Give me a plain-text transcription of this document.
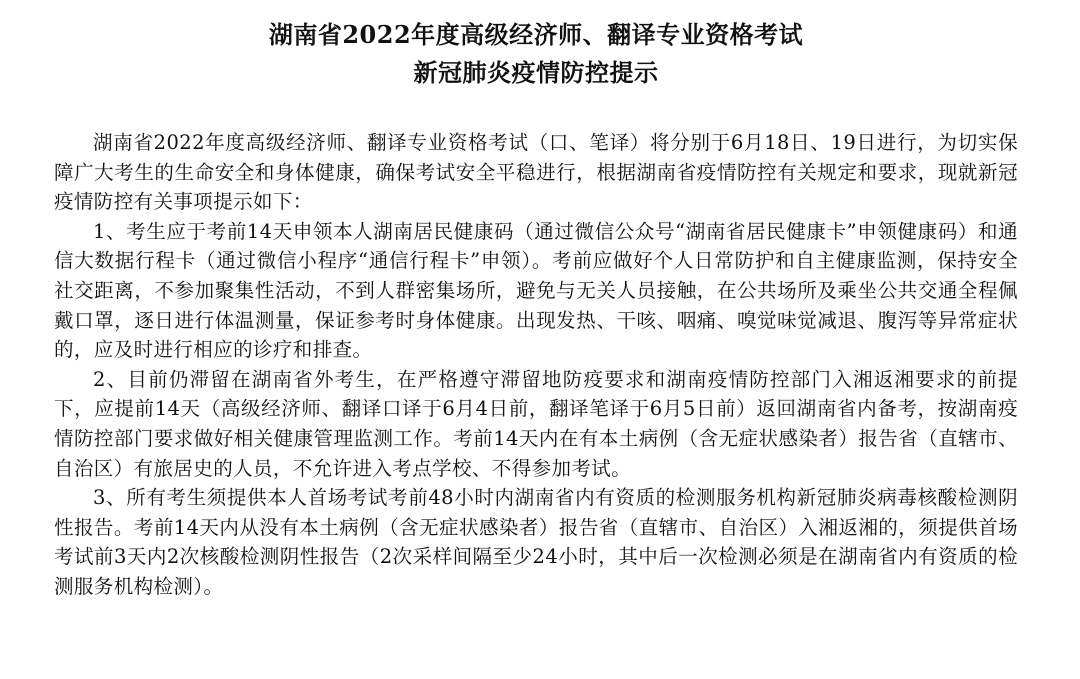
湖南省2022年度高级经济师、翻译专业资格考试
新冠肺炎疫情防控提示

湖南省2022年度高级经济师、翻译专业资格考试（口、笔译）将分别于6月18日、19日进行，为切实保障广大考生的生命安全和身体健康，确保考试安全平稳进行，根据湖南省疫情防控有关规定和要求，现就新冠疫情防控有关事项提示如下：

1、考生应于考前14天申领本人湖南居民健康码（通过微信公众号“湖南省居民健康卡”申领健康码）和通信大数据行程卡（通过微信小程序“通信行程卡”申领）。考前应做好个人日常防护和自主健康监测，保持安全社交距离，不参加聚集性活动，不到人群密集场所，避免与无关人员接触，在公共场所及乘坐公共交通全程佩戴口罩，逐日进行体温测量，保证参考时身体健康。出现发热、干咳、咽痛、嗅觉味觉减退、腹泻等异常症状的，应及时进行相应的诊疗和排查。

2、目前仍滞留在湖南省外考生，在严格遵守滞留地防疫要求和湖南疫情防控部门入湘返湘要求的前提下，应提前14天（高级经济师、翻译口译于6月4日前，翻译笔译于6月5日前）返回湖南省内备考，按湖南疫情防控部门要求做好相关健康管理监测工作。考前14天内在有本土病例（含无症状感染者）报告省（直辖市、自治区）有旅居史的人员，不允许进入考点学校、不得参加考试。

3、所有考生须提供本人首场考试考前48小时内湖南省内有资质的检测服务机构新冠肺炎病毒核酸检测阴性报告。考前14天内从没有本土病例（含无症状感染者）报告省（直辖市、自治区）入湘返湘的，须提供首场考试前3天内2次核酸检测阴性报告（2次采样间隔至少24小时，其中后一次检测必须是在湖南省内有资质的检测服务机构检测）。
